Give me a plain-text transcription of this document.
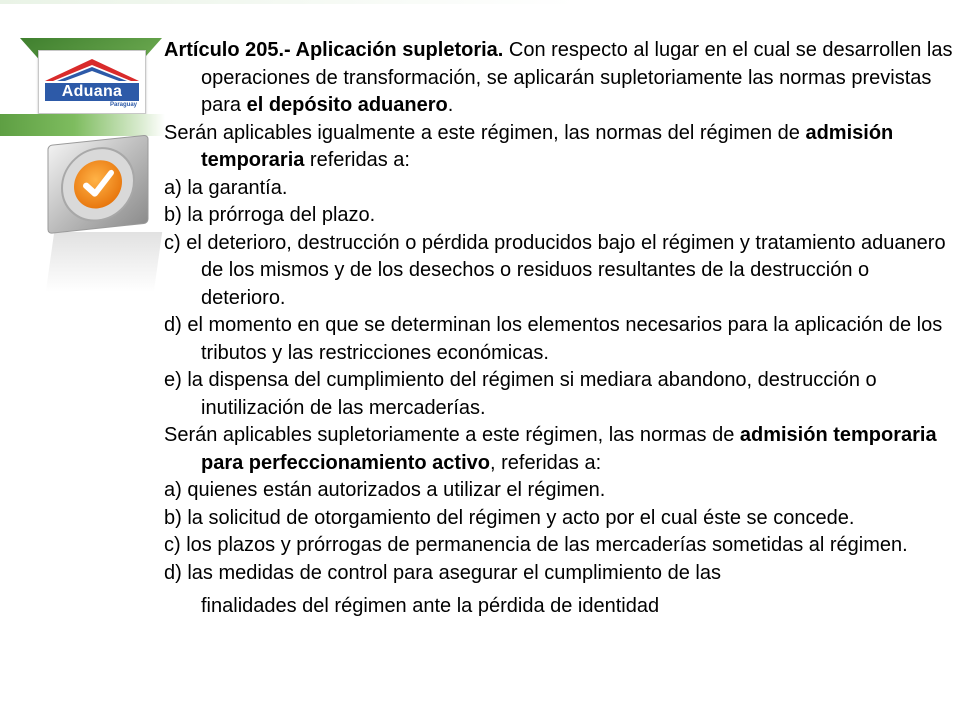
Aduana
Paraguay

Artículo 205.- Aplicación supletoria. Con respecto al lugar en el cual se desarrollen las operaciones de transformación, se aplicarán supletoriamente las normas previstas para el depósito aduanero.

Serán aplicables igualmente a este régimen, las normas del régimen de admisión temporaria referidas a:

a) la garantía.

b) la prórroga del plazo.

c) el deterioro, destrucción o pérdida producidos bajo el régimen y tratamiento aduanero de los mismos y de los desechos o residuos resultantes de la destrucción o deterioro.

d) el momento en que se determinan los elementos necesarios para la aplicación de los tributos y las restricciones económicas.

e) la dispensa del cumplimiento del régimen si mediara abandono, destrucción o inutilización de las mercaderías.

Serán aplicables supletoriamente a este régimen, las normas de admisión temporaria para perfeccionamiento activo, referidas a:

a) quienes están autorizados a utilizar el régimen.

b) la solicitud de otorgamiento del régimen y acto por el cual éste se concede.

c) los plazos y prórrogas de permanencia de las mercaderías sometidas al régimen.

d) las medidas de control para asegurar el cumplimiento de las

finalidades del régimen ante la pérdida de identidad
